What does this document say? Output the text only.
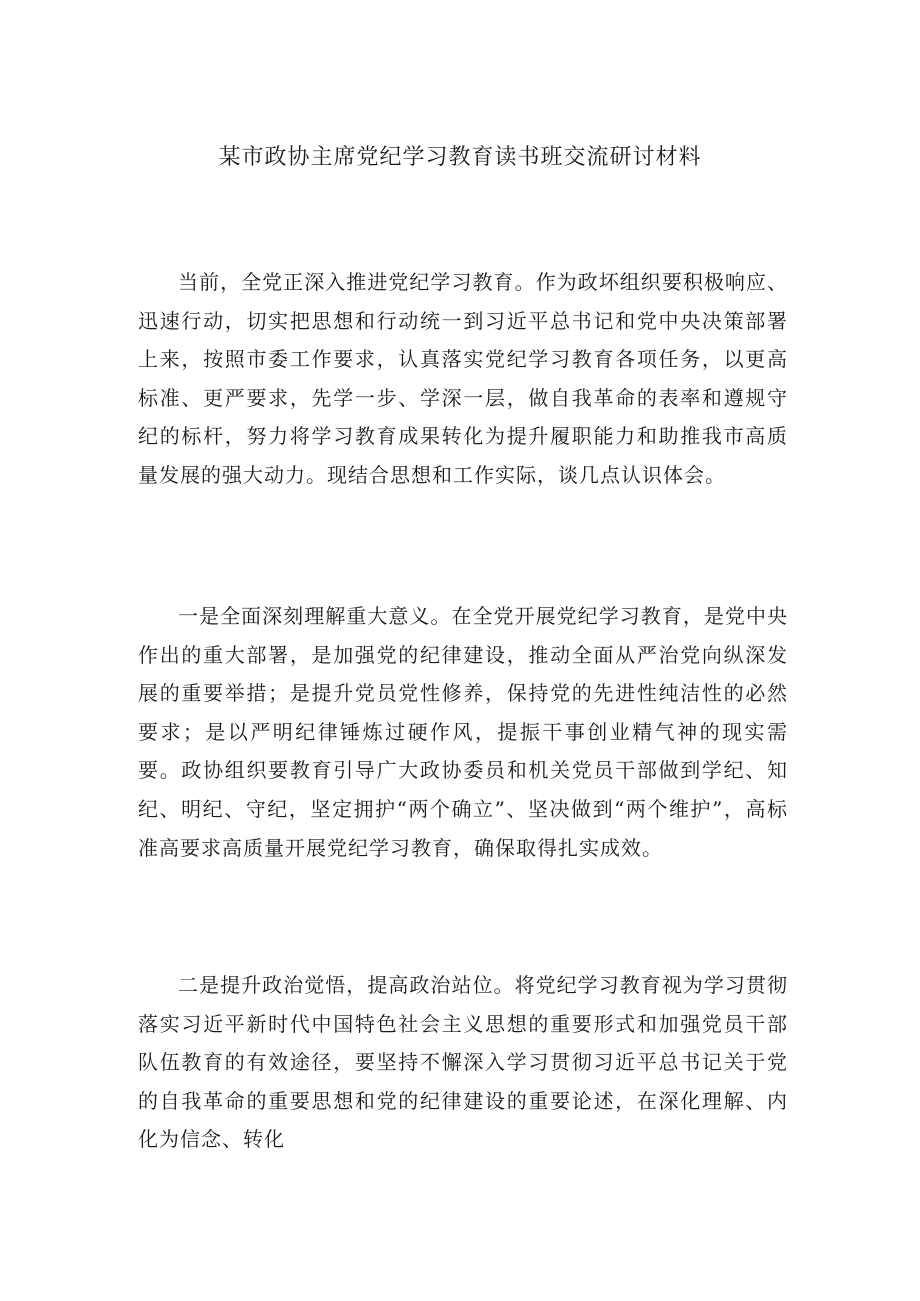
某市政协主席党纪学习教育读书班交流研讨材料

当前，全党正深入推进党纪学习教育。作为政坏组织要积极响应、迅速行动，切实把思想和行动统一到习近平总书记和党中央决策部署上来，按照市委工作要求，认真落实党纪学习教育各项任务，以更高标准、更严要求，先学一步、学深一层，做自我革命的表率和遵规守纪的标杆，努力将学习教育成果转化为提升履职能力和助推我市高质量发展的强大动力。现结合思想和工作实际，谈几点认识体会。

一是全面深刻理解重大意义。在全党开展党纪学习教育，是党中央作出的重大部署，是加强党的纪律建设，推动全面从严治党向纵深发展的重要举措；是提升党员党性修养，保持党的先进性纯洁性的必然要求；是以严明纪律锤炼过硬作风，提振干事创业精气神的现实需要。政协组织要教育引导广大政协委员和机关党员干部做到学纪、知纪、明纪、守纪，坚定拥护“两个确立”、坚决做到“两个维护”，高标准高要求高质量开展党纪学习教育，确保取得扎实成效。

二是提升政治觉悟，提高政治站位。将党纪学习教育视为学习贯彻落实习近平新时代中国特色社会主义思想的重要形式和加强党员干部队伍教育的有效途径，要坚持不懈深入学习贯彻习近平总书记关于党的自我革命的重要思想和党的纪律建设的重要论述，在深化理解、内化为信念、转化
